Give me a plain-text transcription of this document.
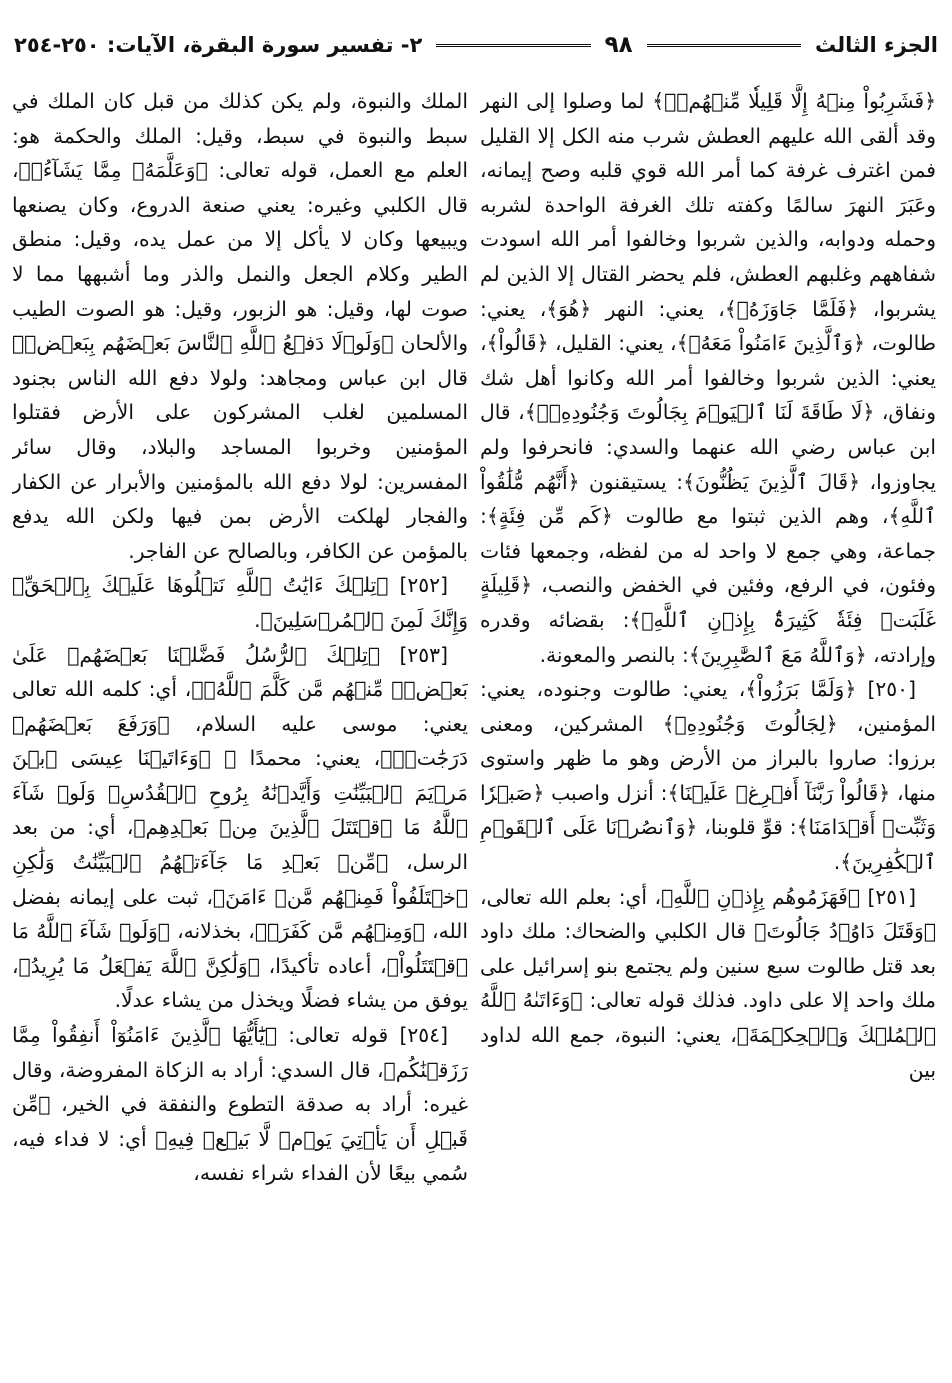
الجزء الثالث
٩٨
٢- تفسير سورة البقرة، الآيات: ٢٥٠-٢٥٤

﴿فَشَرِبُواْ مِنۡهُ إِلَّا قَلِيلٗا مِّنۡهُمۡۚ﴾ لما وصلوا إلى النهر وقد ألقى الله عليهم العطش شرب منه الكل إلا القليل فمن اغترف غرفة كما أمر الله قوي قلبه وصح إيمانه، وعَبَرَ النهرَ سالمًا وكفته تلك الغرفة الواحدة لشربه وحمله ودوابه، والذين شربوا وخالفوا أمر الله اسودت شفاههم وغلبهم العطش، فلم يحضر القتال إلا الذين لم يشربوا، ﴿فَلَمَّا جَاوَزَهُۥ﴾، يعني: النهر ﴿هُوَ﴾، يعني: طالوت، ﴿وَٱلَّذِينَ ءَامَنُواْ مَعَهُۥ﴾، يعني: القليل، ﴿قَالُواْ﴾، يعني: الذين شربوا وخالفوا أمر الله وكانوا أهل شك ونفاق، ﴿لَا طَاقَةَ لَنَا ٱلۡيَوۡمَ بِجَالُوتَ وَجُنُودِهِۦۚ﴾، قال ابن عباس رضي الله عنهما والسدي: فانحرفوا ولم يجاوزوا، ﴿قَالَ ٱلَّذِينَ يَظُنُّونَ﴾: يستيقنون ﴿أَنَّهُم مُّلَٰقُواْ ٱللَّهِ﴾، وهم الذين ثبتوا مع طالوت ﴿كَم مِّن فِئَةٍ﴾: جماعة، وهي جمع لا واحد له من لفظه، وجمعها فئات وفئون، في الرفع، وفئين في الخفض والنصب، ﴿قَلِيلَةٍ غَلَبَتۡ فِئَةٗ كَثِيرَةَۢ بِإِذۡنِ ٱللَّهِۗ﴾: بقضائه وقدره وإرادته، ﴿وَٱللَّهُ مَعَ ٱلصَّٰبِرِينَ﴾: بالنصر والمعونة.

[٢٥٠] ﴿وَلَمَّا بَرَزُواْ﴾، يعني: طالوت وجنوده، يعني: المؤمنين، ﴿لِجَالُوتَ وَجُنُودِهِۦ﴾ المشركين، ومعنى برزوا: صاروا بالبراز من الأرض وهو ما ظهر واستوى منها، ﴿قَالُواْ رَبَّنَآ أَفۡرِغۡ عَلَيۡنَا﴾: أنزل واصبب ﴿صَبۡرٗا وَثَبِّتۡ أَقۡدَامَنَا﴾: قوِّ قلوبنا، ﴿وَٱنصُرۡنَا عَلَى ٱلۡقَوۡمِ ٱلۡكَٰفِرِينَ﴾.

[٢٥١] ﴿فَهَزَمُوهُم بِإِذۡنِ ٱللَّهِ﴾، أي: بعلم الله تعالى، ﴿وَقَتَلَ دَاوُۥدُ جَالُوتَ﴾ قال الكلبي والضحاك: ملك داود بعد قتل طالوت سبع سنين ولم يجتمع بنو إسرائيل على ملك واحد إلا على داود. فذلك قوله تعالى: ﴿وَءَاتَىٰهُ ٱللَّهُ ٱلۡمُلۡكَ وَٱلۡحِكۡمَةَ﴾، يعني: النبوة، جمع الله لداود بين

الملك والنبوة، ولم يكن كذلك من قبل كان الملك في سبط والنبوة في سبط، وقيل: الملك والحكمة هو: العلم مع العمل، قوله تعالى: ﴿وَعَلَّمَهُۥ مِمَّا يَشَآءُۗ﴾، قال الكلبي وغيره: يعني صنعة الدروع، وكان يصنعها ويبيعها وكان لا يأكل إلا من عمل يده، وقيل: منطق الطير وكلام الجعل والنمل والذر وما أشبهها مما لا صوت لها، وقيل: هو الزبور، وقيل: هو الصوت الطيب والألحان ﴿وَلَوۡلَا دَفۡعُ ٱللَّهِ ٱلنَّاسَ بَعۡضَهُم بِبَعۡضٖ﴾ قال ابن عباس ومجاهد: ولولا دفع الله الناس بجنود المسلمين لغلب المشركون على الأرض فقتلوا المؤمنين وخربوا المساجد والبلاد، وقال سائر المفسرين: لولا دفع الله بالمؤمنين والأبرار عن الكفار والفجار لهلكت الأرض بمن فيها ولكن الله يدفع بالمؤمن عن الكافر، وبالصالح عن الفاجر.

[٢٥٢] ﴿تِلۡكَ ءَايَٰتُ ٱللَّهِ نَتۡلُوهَا عَلَيۡكَ بِٱلۡحَقِّۚ وَإِنَّكَ لَمِنَ ٱلۡمُرۡسَلِينَ﴾.

[٢٥٣] ﴿تِلۡكَ ٱلرُّسُلُ فَضَّلۡنَا بَعۡضَهُمۡ عَلَىٰ بَعۡضٖۘ مِّنۡهُم مَّن كَلَّمَ ٱللَّهُۖ﴾، أي: كلمه الله تعالى يعني: موسى عليه السلام، ﴿وَرَفَعَ بَعۡضَهُمۡ دَرَجَٰتٖۚ﴾، يعني: محمدًا ﷺ ﴿وَءَاتَيۡنَا عِيسَى ٱبۡنَ مَرۡيَمَ ٱلۡبَيِّنَٰتِ وَأَيَّدۡنَٰهُ بِرُوحِ ٱلۡقُدُسِۗ وَلَوۡ شَآءَ ٱللَّهُ مَا ٱقۡتَتَلَ ٱلَّذِينَ مِنۢ بَعۡدِهِم﴾، أي: من بعد الرسل، ﴿مِّنۢ بَعۡدِ مَا جَآءَتۡهُمُ ٱلۡبَيِّنَٰتُ وَلَٰكِنِ ٱخۡتَلَفُواْ فَمِنۡهُم مَّنۡ ءَامَنَ﴾، ثبت على إيمانه بفضل الله، ﴿وَمِنۡهُم مَّن كَفَرَۚ﴾، بخذلانه، ﴿وَلَوۡ شَآءَ ٱللَّهُ مَا ٱقۡتَتَلُواْ﴾، أعاده تأكيدًا، ﴿وَلَٰكِنَّ ٱللَّهَ يَفۡعَلُ مَا يُرِيدُ﴾، يوفق من يشاء فضلًا ويخذل من يشاء عدلًا.

[٢٥٤] قوله تعالى: ﴿يَٰٓأَيُّهَا ٱلَّذِينَ ءَامَنُوٓاْ أَنفِقُواْ مِمَّا رَزَقۡنَٰكُم﴾، قال السدي: أراد به الزكاة المفروضة، وقال غيره: أراد به صدقة التطوع والنفقة في الخير، ﴿مِّن قَبۡلِ أَن يَأۡتِيَ يَوۡمٞ لَّا بَيۡعٞ فِيهِ﴾ أي: لا فداء فيه، سُمي بيعًا لأن الفداء شراء نفسه،
